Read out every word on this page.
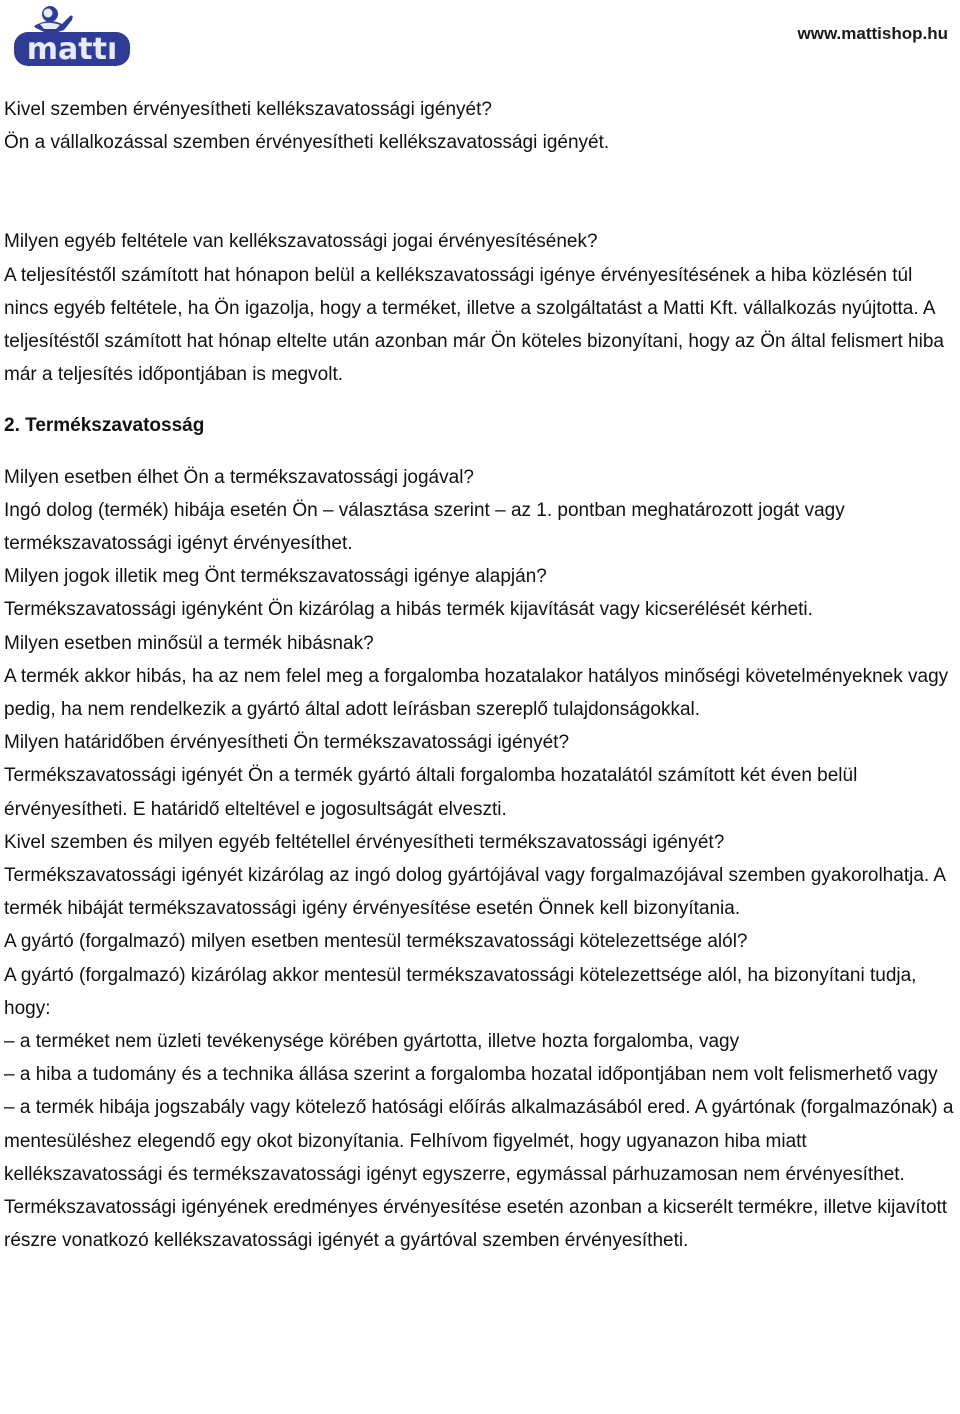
mattı	www.mattishop.hu

Kivel szemben érvényesítheti kellékszavatossági igényét?

Ön a vállalkozással szemben érvényesítheti kellékszavatossági igényét.

Milyen egyéb feltétele van kellékszavatossági jogai érvényesítésének?

A teljesítéstől számított hat hónapon belül a kellékszavatossági igénye érvényesítésének a hiba közlésén túl nincs egyéb feltétele, ha Ön igazolja, hogy a terméket, illetve a szolgáltatást a Matti Kft. vállalkozás nyújtotta. A teljesítéstől számított hat hónap eltelte után azonban már Ön köteles bizonyítani, hogy az Ön által felismert hiba már a teljesítés időpontjában is megvolt.

2. Termékszavatosság

Milyen esetben élhet Ön a termékszavatossági jogával?

Ingó dolog (termék) hibája esetén Ön – választása szerint – az 1. pontban meghatározott jogát vagy termékszavatossági igényt érvényesíthet.

Milyen jogok illetik meg Önt termékszavatossági igénye alapján?

Termékszavatossági igényként Ön kizárólag a hibás termék kijavítását vagy kicserélését kérheti.

Milyen esetben minősül a termék hibásnak?

A termék akkor hibás, ha az nem felel meg a forgalomba hozatalakor hatályos minőségi követelményeknek vagy pedig, ha nem rendelkezik a gyártó által adott leírásban szereplő tulajdonságokkal.

Milyen határidőben érvényesítheti Ön termékszavatossági igényét?

Termékszavatossági igényét Ön a termék gyártó általi forgalomba hozatalától számított két éven belül érvényesítheti. E határidő elteltével e jogosultságát elveszti.

Kivel szemben és milyen egyéb feltétellel érvényesítheti termékszavatossági igényét?

Termékszavatossági igényét kizárólag az ingó dolog gyártójával vagy forgalmazójával szemben gyakorolhatja. A termék hibáját termékszavatossági igény érvényesítése esetén Önnek kell bizonyítania.

A gyártó (forgalmazó) milyen esetben mentesül termékszavatossági kötelezettsége alól?

A gyártó (forgalmazó) kizárólag akkor mentesül termékszavatossági kötelezettsége alól, ha bizonyítani tudja, hogy:

– a terméket nem üzleti tevékenysége körében gyártotta, illetve hozta forgalomba, vagy

– a hiba a tudomány és a technika állása szerint a forgalomba hozatal időpontjában nem volt felismerhető vagy

– a termék hibája jogszabály vagy kötelező hatósági előírás alkalmazásából ered. A gyártónak (forgalmazónak) a mentesüléshez elegendő egy okot bizonyítania. Felhívom figyelmét, hogy ugyanazon hiba miatt kellékszavatossági és termékszavatossági igényt egyszerre, egymással párhuzamosan nem érvényesíthet. Termékszavatossági igényének eredményes érvényesítése esetén azonban a kicserélt termékre, illetve kijavított részre vonatkozó kellékszavatossági igényét a gyártóval szemben érvényesítheti.
